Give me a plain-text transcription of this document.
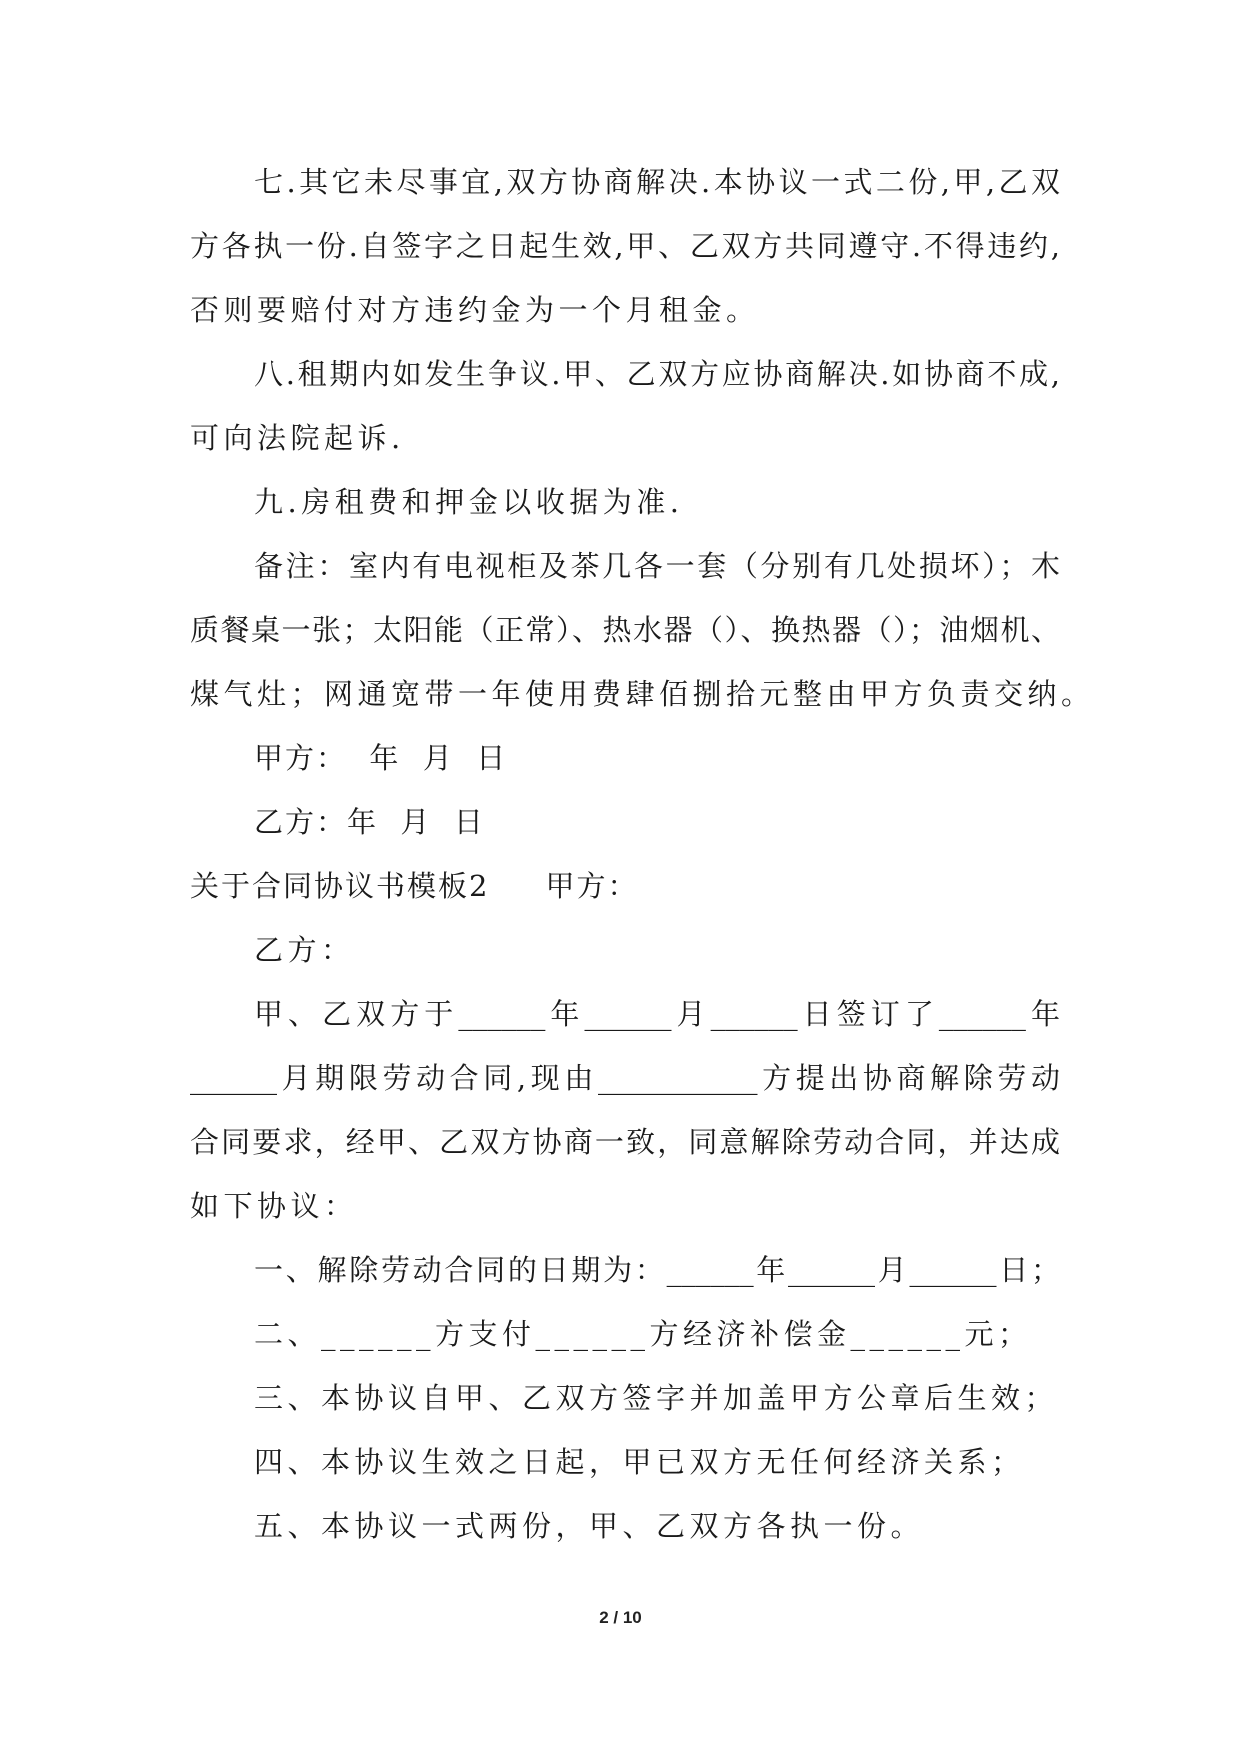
七.其它未尽事宜,双方协商解决.本协议一式二份,甲,乙双
方各执一份.自签字之日起生效,甲、乙双方共同遵守.不得违约,
否则要赔付对方违约金为一个月租金。
八.租期内如发生争议.甲、乙双方应协商解决.如协商不成,
可向法院起诉.
九.房租费和押金以收据为准.
备注：室内有电视柜及茶几各一套（分别有几处损坏）；木
质餐桌一张；太阳能（正常）、热水器（）、换热器（）；油烟机、
煤气灶；网通宽带一年使用费肆佰捌拾元整由甲方负责交纳。
甲方：  年  月  日
乙方：年  月  日
关于合同协议书模板2 甲方：
乙方：
甲、乙双方于______年______月______日签订了______年
______月期限劳动合同,现由___________方提出协商解除劳动
合同要求，经甲、乙双方协商一致，同意解除劳动合同，并达成
如下协议：
一、解除劳动合同的日期为：______年______月______日；
二、______方支付______方经济补偿金______元；
三、本协议自甲、乙双方签字并加盖甲方公章后生效；
四、本协议生效之日起，甲已双方无任何经济关系；
五、本协议一式两份，甲、乙双方各执一份。
2 / 10
